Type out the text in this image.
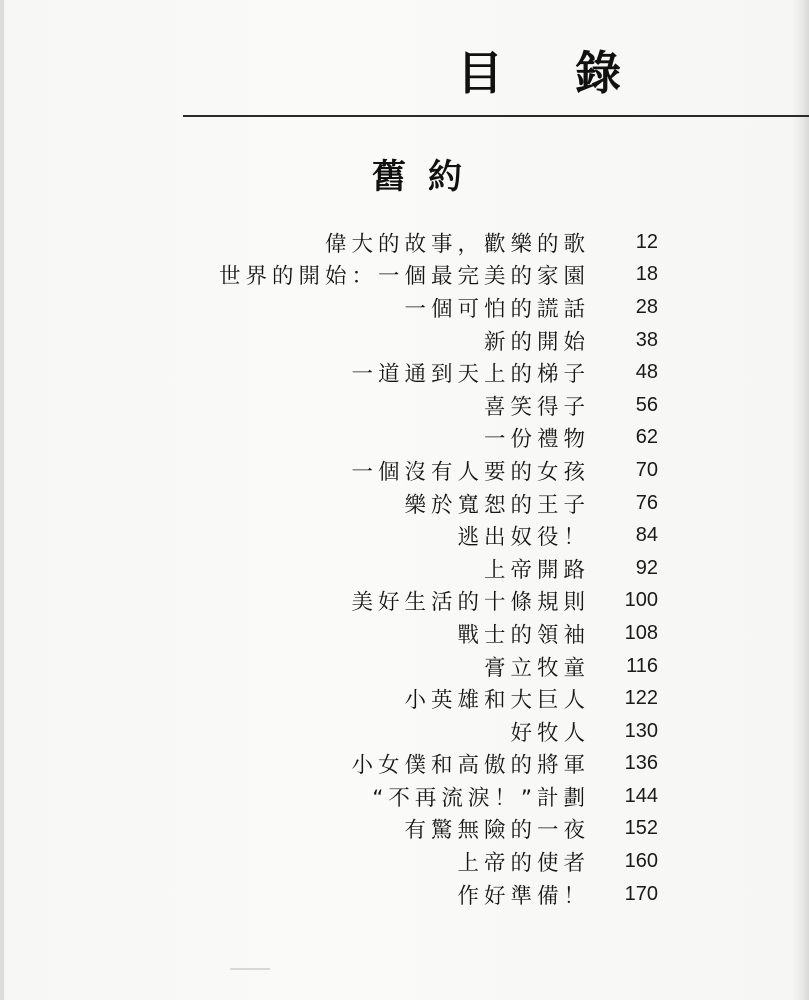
目 錄
舊約
偉大的故事，歡樂的歌	12
世界的開始：一個最完美的家園	18
一個可怕的謊話	28
新的開始	38
一道通到天上的梯子	48
喜笑得子	56
一份禮物	62
一個沒有人要的女孩	70
樂於寬恕的王子	76
逃出奴役！	84
上帝開路	92
美好生活的十條規則	100
戰士的領袖	108
膏立牧童	116
小英雄和大巨人	122
好牧人	130
小女僕和高傲的將軍	136
“不再流淚！”計劃	144
有驚無險的一夜	152
上帝的使者	160
作好準備！	170
